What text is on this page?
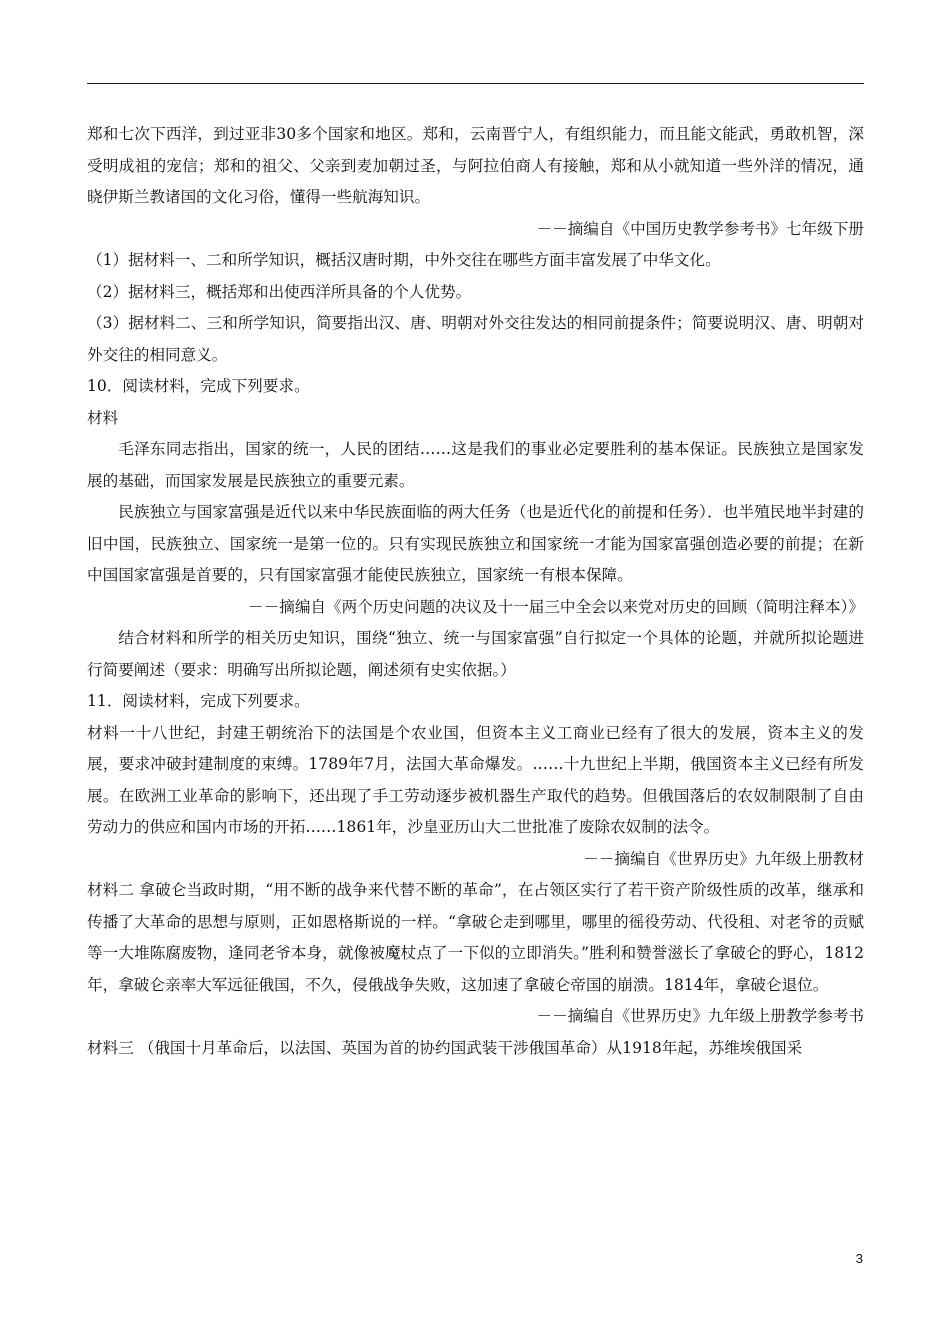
郑和七次下西洋，到过亚非30多个国家和地区。郑和，云南晋宁人，有组织能力，而且能文能武，勇敢机智，深受明成祖的宠信；郑和的祖父、父亲到麦加朝过圣，与阿拉伯商人有接触，郑和从小就知道一些外洋的情况，通晓伊斯兰教诸国的文化习俗，懂得一些航海知识。
－－摘编自《中国历史教学参考书》七年级下册
（1）据材料一、二和所学知识，概括汉唐时期，中外交往在哪些方面丰富发展了中华文化。
（2）据材料三，概括郑和出使西洋所具备的个人优势。
（3）据材料二、三和所学知识，简要指出汉、唐、明朝对外交往发达的相同前提条件；简要说明汉、唐、明朝对外交往的相同意义。
10．阅读材料，完成下列要求。
材料
毛泽东同志指出，国家的统一，人民的团结……这是我们的事业必定要胜利的基本保证。民族独立是国家发展的基础，而国家发展是民族独立的重要元素。
民族独立与国家富强是近代以来中华民族面临的两大任务（也是近代化的前提和任务）．也半殖民地半封建的旧中国，民族独立、国家统一是第一位的。只有实现民族独立和国家统一才能为国家富强创造必要的前提；在新中国国家富强是首要的，只有国家富强才能使民族独立，国家统一有根本保障。
－－摘编自《两个历史问题的决议及十一届三中全会以来党对历史的回顾（简明注释本）》
结合材料和所学的相关历史知识，围绕“独立、统一与国家富强”自行拟定一个具体的论题，并就所拟论题进行简要阐述（要求：明确写出所拟论题，阐述须有史实依据。）
11．阅读材料，完成下列要求。
材料一十八世纪，封建王朝统治下的法国是个农业国，但资本主义工商业已经有了很大的发展，资本主义的发展，要求冲破封建制度的束缚。1789年7月，法国大革命爆发。……十九世纪上半期，俄国资本主义已经有所发展。在欧洲工业革命的影响下，还出现了手工劳动逐步被机器生产取代的趋势。但俄国落后的农奴制限制了自由劳动力的供应和国内市场的开拓……1861年，沙皇亚历山大二世批准了废除农奴制的法令。
－－摘编自《世界历史》九年级上册教材
材料二 拿破仑当政时期，“用不断的战争来代替不断的革命”，在占领区实行了若干资产阶级性质的改革，继承和传播了大革命的思想与原则，正如恩格斯说的一样。“拿破仑走到哪里，哪里的徭役劳动、代役租、对老爷的贡赋等一大堆陈腐废物，逢同老爷本身，就像被魔杖点了一下似的立即消失。”胜利和赞誉滋长了拿破仑的野心，1812年，拿破仑亲率大军远征俄国，不久，侵俄战争失败，这加速了拿破仑帝国的崩溃。1814年，拿破仑退位。
－－摘编自《世界历史》九年级上册教学参考书
材料三 （俄国十月革命后，以法国、英国为首的协约国武装干涉俄国革命）从1918年起，苏维埃俄国采
3
